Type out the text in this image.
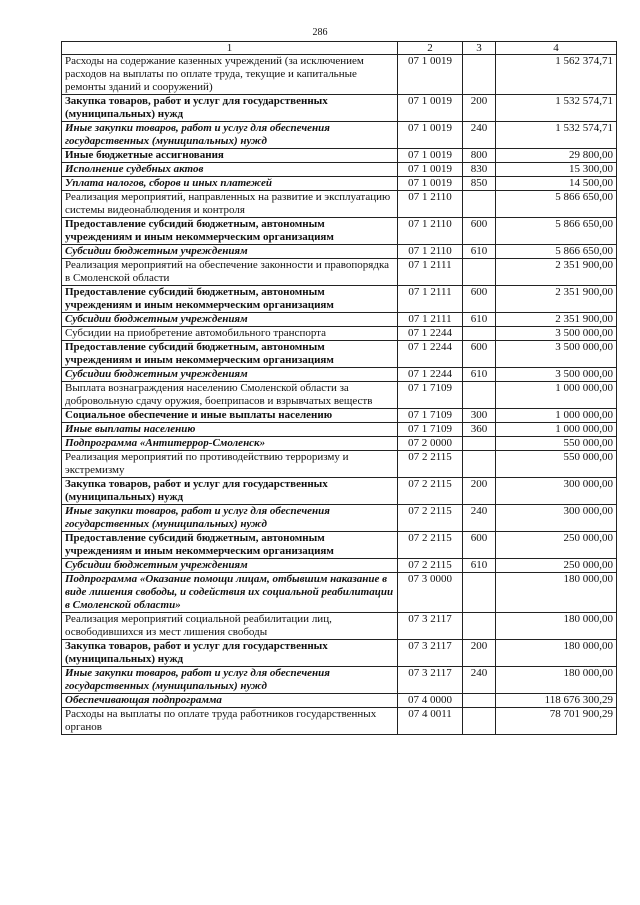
286
1	2	3	4
Расходы на содержание казенных учреждений (за исключением расходов на выплаты по оплате труда, текущие и капитальные ремонты зданий и сооружений)	07 1 0019		1 562 374,71
Закупка товаров, работ и услуг для государственных (муниципальных) нужд	07 1 0019	200	1 532 574,71
Иные закупки товаров, работ и услуг для обеспечения государственных (муниципальных) нужд	07 1 0019	240	1 532 574,71
Иные бюджетные ассигнования	07 1 0019	800	29 800,00
Исполнение судебных актов	07 1 0019	830	15 300,00
Уплата налогов, сборов и иных платежей	07 1 0019	850	14 500,00
Реализация мероприятий, направленных на развитие и эксплуатацию системы видеонаблюдения и контроля	07 1 2110		5 866 650,00
Предоставление субсидий бюджетным, автономным учреждениям и иным некоммерческим организациям	07 1 2110	600	5 866 650,00
Субсидии бюджетным учреждениям	07 1 2110	610	5 866 650,00
Реализация мероприятий на обеспечение законности и правопорядка в Смоленской области	07 1 2111		2 351 900,00
Предоставление субсидий бюджетным, автономным учреждениям и иным некоммерческим организациям	07 1 2111	600	2 351 900,00
Субсидии бюджетным учреждениям	07 1 2111	610	2 351 900,00
Субсидии на приобретение автомобильного транспорта	07 1 2244		3 500 000,00
Предоставление субсидий бюджетным, автономным учреждениям и иным некоммерческим организациям	07 1 2244	600	3 500 000,00
Субсидии бюджетным учреждениям	07 1 2244	610	3 500 000,00
Выплата вознаграждения населению Смоленской области за добровольную сдачу оружия, боеприпасов и взрывчатых веществ	07 1 7109		1 000 000,00
Социальное обеспечение и иные выплаты населению	07 1 7109	300	1 000 000,00
Иные выплаты населению	07 1 7109	360	1 000 000,00
Подпрограмма «Антитеррор-Смоленск»	07 2 0000		550 000,00
Реализация мероприятий по противодействию терроризму и экстремизму	07 2 2115		550 000,00
Закупка товаров, работ и услуг для государственных (муниципальных) нужд	07 2 2115	200	300 000,00
Иные закупки товаров, работ и услуг для обеспечения государственных (муниципальных) нужд	07 2 2115	240	300 000,00
Предоставление субсидий бюджетным, автономным учреждениям и иным некоммерческим организациям	07 2 2115	600	250 000,00
Субсидии бюджетным учреждениям	07 2 2115	610	250 000,00
Подпрограмма «Оказание помощи лицам, отбывшим наказание в виде лишения свободы, и содействия их социальной реабилитации в Смоленской области»	07 3 0000		180 000,00
Реализация мероприятий социальной реабилитации лиц, освободившихся из мест лишения свободы	07 3 2117		180 000,00
Закупка товаров, работ и услуг для государственных (муниципальных) нужд	07 3 2117	200	180 000,00
Иные закупки товаров, работ и услуг для обеспечения государственных (муниципальных) нужд	07 3 2117	240	180 000,00
Обеспечивающая подпрограмма	07 4 0000		118 676 300,29
Расходы на выплаты по оплате труда работников государственных органов	07 4 0011		78 701 900,29
